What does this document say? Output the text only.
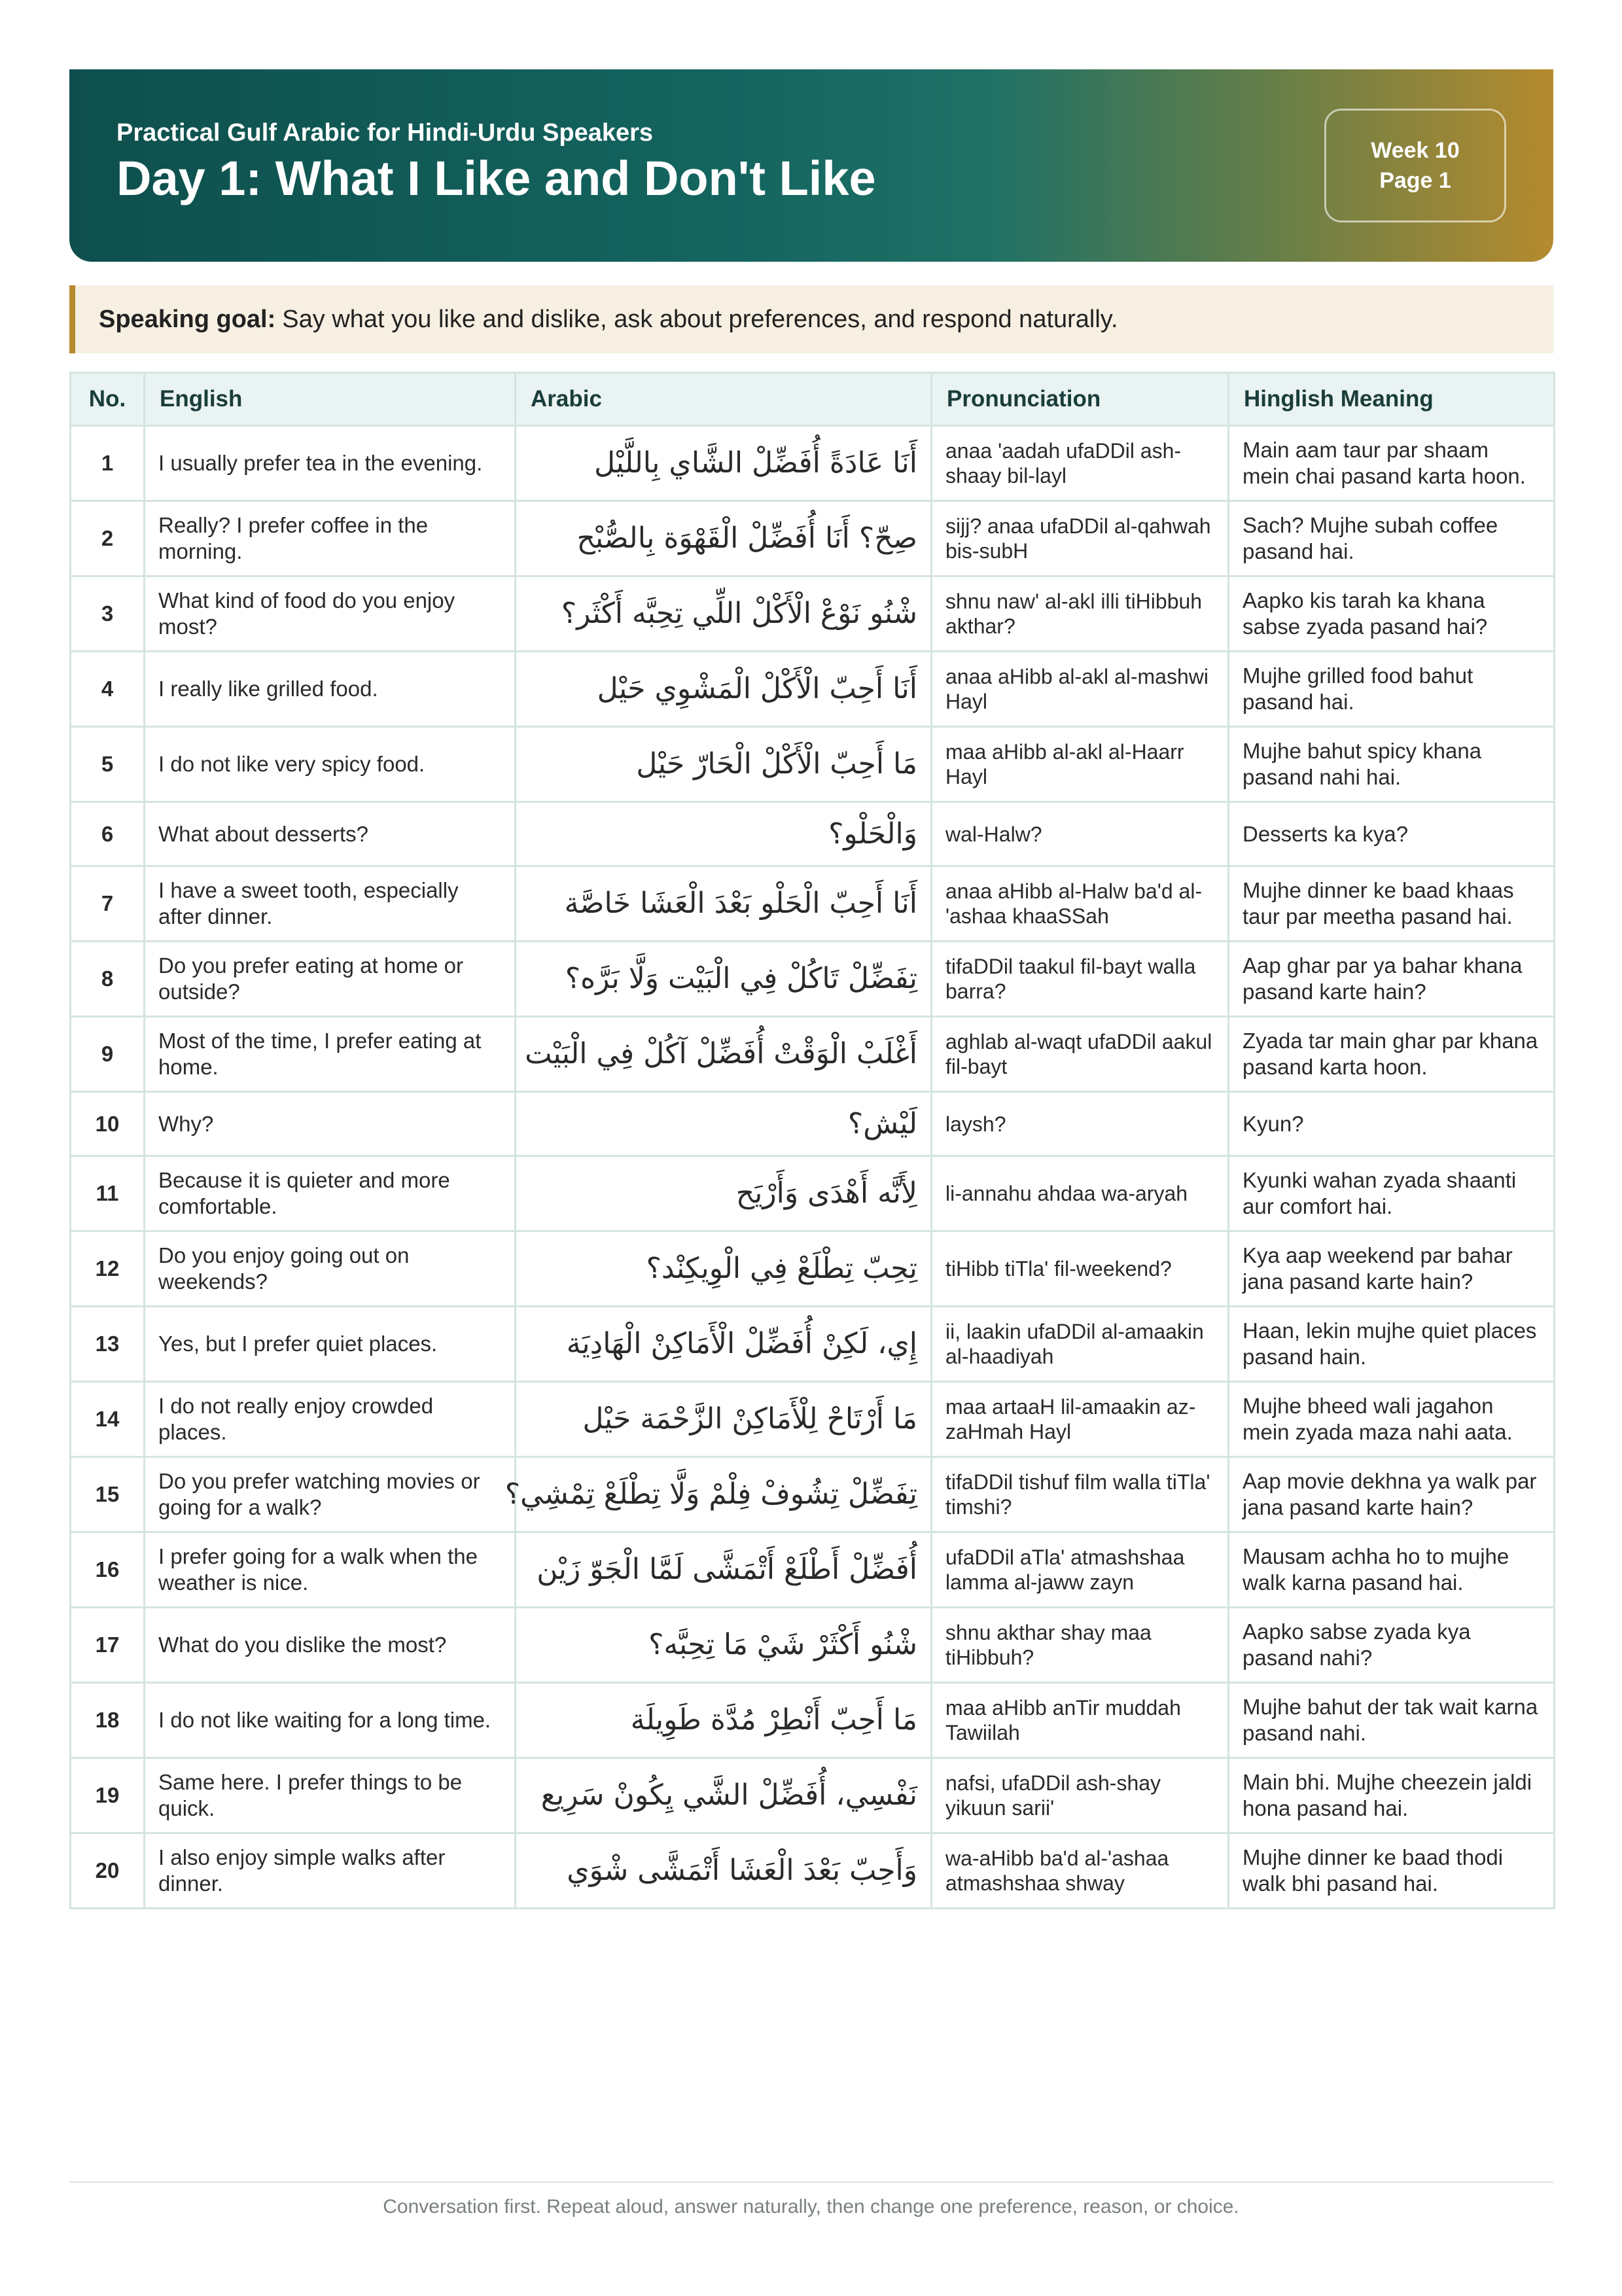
Practical Gulf Arabic for Hindi-Urdu Speakers
Day 1: What I Like and Don't Like
Week 10
Page 1
Speaking goal: Say what you like and dislike, ask about preferences, and respond naturally.
No.	English	Arabic	Pronunciation	Hinglish Meaning
1	I usually prefer tea in the evening.	أَنَا عَادَةً أُفَضِّلْ الشَّاي بِاللَّيْل	anaa 'aadah ufaDDil ash-shaay bil-layl	Main aam taur par shaam mein chai pasand karta hoon.
2	Really? I prefer coffee in the morning.	صِحّ؟ أَنَا أُفَضِّلْ الْقَهْوَة بِالصُّبْح	sijj? anaa ufaDDil al-qahwah bis-subH	Sach? Mujhe subah coffee pasand hai.
3	What kind of food do you enjoy most?	شْنُو نَوْعْ الْأَكْلْ اللِّي تِحِبَّه أَكْثَر؟	shnu naw' al-akl illi tiHibbuh akthar?	Aapko kis tarah ka khana sabse zyada pasand hai?
4	I really like grilled food.	أَنَا أَحِبّ الْأَكْلْ الْمَشْوِي حَيْل	anaa aHibb al-akl al-mashwi Hayl	Mujhe grilled food bahut pasand hai.
5	I do not like very spicy food.	مَا أَحِبّ الْأَكْلْ الْحَارّ حَيْل	maa aHibb al-akl al-Haarr Hayl	Mujhe bahut spicy khana pasand nahi hai.
6	What about desserts?	وَالْحَلْو؟	wal-Halw?	Desserts ka kya?
7	I have a sweet tooth, especially after dinner.	أَنَا أَحِبّ الْحَلْو بَعْدَ الْعَشَا خَاصَّة	anaa aHibb al-Halw ba'd al-'ashaa khaaSSah	Mujhe dinner ke baad khaas taur par meetha pasand hai.
8	Do you prefer eating at home or outside?	تِفَضِّلْ تَاكُلْ فِي الْبَيْت وَلَّا بَرَّه؟	tifaDDil taakul fil-bayt walla barra?	Aap ghar par ya bahar khana pasand karte hain?
9	Most of the time, I prefer eating at home.	أَغْلَبْ الْوَقْتْ أُفَضِّلْ آكُلْ فِي الْبَيْت	aghlab al-waqt ufaDDil aakul fil-bayt	Zyada tar main ghar par khana pasand karta hoon.
10	Why?	لَيْش؟	laysh?	Kyun?
11	Because it is quieter and more comfortable.	لِأَنَّه أَهْدَى وَأَرْيَح	li-annahu ahdaa wa-aryah	Kyunki wahan zyada shaanti aur comfort hai.
12	Do you enjoy going out on weekends?	تِحِبّ تِطْلَعْ فِي الْوِيكِنْد؟	tiHibb tiTla' fil-weekend?	Kya aap weekend par bahar jana pasand karte hain?
13	Yes, but I prefer quiet places.	إِي، لَكِنْ أُفَضِّلْ الْأَمَاكِنْ الْهَادِيَة	ii, laakin ufaDDil al-amaakin al-haadiyah	Haan, lekin mujhe quiet places pasand hain.
14	I do not really enjoy crowded places.	مَا أَرْتَاحْ لِلْأَمَاكِنْ الزَّحْمَة حَيْل	maa artaaH lil-amaakin az-zaHmah Hayl	Mujhe bheed wali jagahon mein zyada maza nahi aata.
15	Do you prefer watching movies or going for a walk?	تِفَضِّلْ تِشُوفْ فِلْمْ وَلَّا تِطْلَعْ تِمْشِي؟	tifaDDil tishuf film walla tiTla' timshi?	Aap movie dekhna ya walk par jana pasand karte hain?
16	I prefer going for a walk when the weather is nice.	أُفَضِّلْ أَطْلَعْ أَتْمَشَّى لَمَّا الْجَوّ زَيْن	ufaDDil aTla' atmashshaa lamma al-jaww zayn	Mausam achha ho to mujhe walk karna pasand hai.
17	What do you dislike the most?	شْنُو أَكْثَرْ شَيْ مَا تِحِبَّه؟	shnu akthar shay maa tiHibbuh?	Aapko sabse zyada kya pasand nahi?
18	I do not like waiting for a long time.	مَا أَحِبّ أَنْطِرْ مُدَّة طَوِيلَة	maa aHibb anTir muddah Tawiilah	Mujhe bahut der tak wait karna pasand nahi.
19	Same here. I prefer things to be quick.	نَفْسِي، أُفَضِّلْ الشَّي يِكُونْ سَرِيع	nafsi, ufaDDil ash-shay yikuun sarii'	Main bhi. Mujhe cheezein jaldi hona pasand hai.
20	I also enjoy simple walks after dinner.	وَأَحِبّ بَعْدَ الْعَشَا أَتْمَشَّى شْوَي	wa-aHibb ba'd al-'ashaa atmashshaa shway	Mujhe dinner ke baad thodi walk bhi pasand hai.
Conversation first. Repeat aloud, answer naturally, then change one preference, reason, or choice.
